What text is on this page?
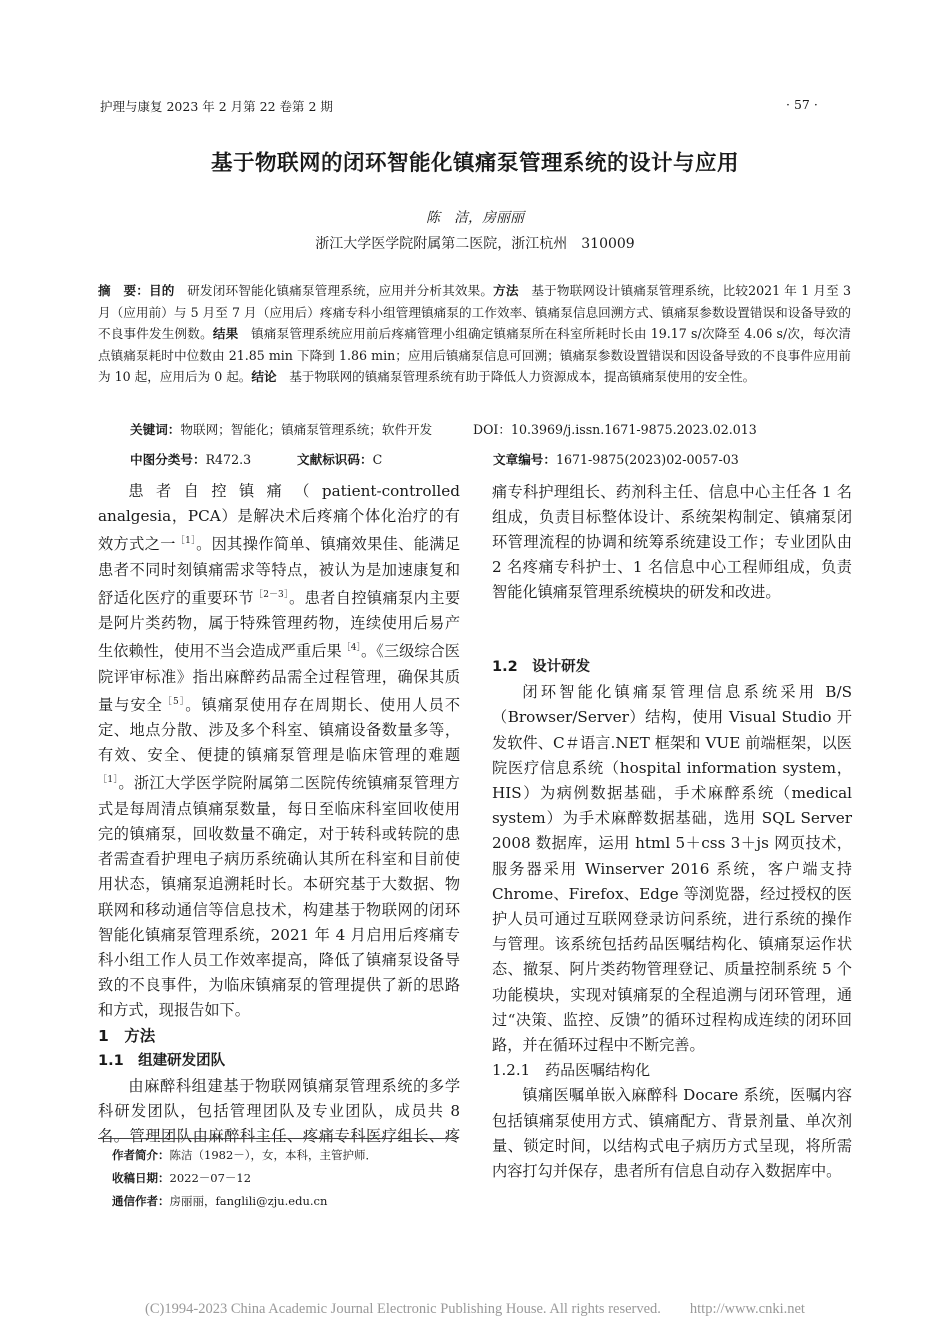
护理与康复 2023 年 2 月第 22 卷第 2 期	· 57 ·
基于物联网的闭环智能化镇痛泵管理系统的设计与应用
陈　洁，房丽丽
浙江大学医学院附属第二医院，浙江杭州　310009
摘　要：目的　研发闭环智能化镇痛泵管理系统，应用并分析其效果。方法　基于物联网设计镇痛泵管理系统，比较2021 年 1 月至 3 月（应用前）与 5 月至 7 月（应用后）疼痛专科小组管理镇痛泵的工作效率、镇痛泵信息回溯方式、镇痛泵参数设置错误和设备导致的不良事件发生例数。结果　镇痛泵管理系统应用前后疼痛管理小组确定镇痛泵所在科室所耗时长由 19.17 s/次降至 4.06 s/次，每次清点镇痛泵耗时中位数由 21.85 min 下降到 1.86 min；应用后镇痛泵信息可回溯；镇痛泵参数设置错误和因设备导致的不良事件应用前为 10 起，应用后为 0 起。结论　基于物联网的镇痛泵管理系统有助于降低人力资源成本，提高镇痛泵使用的安全性。
关键词：物联网；智能化；镇痛泵管理系统；软件开发	DOI：10.3969/j.issn.1671-9875.2023.02.013
中图分类号：R472.3	文献标识码：C	文章编号：1671-9875(2023)02-0057-03

患者自控镇痛（patient-controlled analgesia，PCA）是解决术后疼痛个体化治疗的有效方式之一$^{[1]}$。因其操作简单、镇痛效果佳、能满足患者不同时刻镇痛需求等特点，被认为是加速康复和舒适化医疗的重要环节$^{[2-3]}$。患者自控镇痛泵内主要是阿片类药物，属于特殊管理药物，连续使用后易产生依赖性，使用不当会造成严重后果$^{[4]}$。《三级综合医院评审标准》指出麻醉药品需全过程管理，确保其质量与安全$^{[5]}$。镇痛泵使用存在周期长、使用人员不定、地点分散、涉及多个科室、镇痛设备数量多等，有效、安全、便捷的镇痛泵管理是临床管理的难题$^{[1]}$。浙江大学医学院附属第二医院传统镇痛泵管理方式是每周清点镇痛泵数量，每日至临床科室回收使用完的镇痛泵，回收数量不确定，对于转科或转院的患者需查看护理电子病历系统确认其所在科室和目前使用状态，镇痛泵追溯耗时长。本研究基于大数据、物联网和移动通信等信息技术，构建基于物联网的闭环智能化镇痛泵管理系统，2021 年 4 月启用后疼痛专科小组工作人员工作效率提高，降低了镇痛泵设备导致的不良事件，为临床镇痛泵的管理提供了新的思路和方式，现报告如下。

1　方法

1.1　组建研发团队

由麻醉科组建基于物联网镇痛泵管理系统的多学科研发团队，包括管理团队及专业团队，成员共 8 名。管理团队由麻醉科主任、疼痛专科医疗组长、疼

痛专科护理组长、药剂科主任、信息中心主任各 1 名组成，负责目标整体设计、系统架构制定、镇痛泵闭环管理流程的协调和统筹系统建设工作；专业团队由 2 名疼痛专科护士、1 名信息中心工程师组成，负责智能化镇痛泵管理系统模块的研发和改进。

1.2　设计研发

闭环智能化镇痛泵管理信息系统采用 B/S（Browser/Server）结构，使用 Visual Studio 开发软件、C＃语言.NET 框架和 VUE 前端框架，以医院医疗信息系统（hospital information system，HIS）为病例数据基础，手术麻醉系统（medical system）为手术麻醉数据基础，选用 SQL Server 2008 数据库，运用 html 5＋css 3＋js 网页技术，服务器采用 Winserver 2016 系统，客户端支持 Chrome、Firefox、Edge 等浏览器，经过授权的医护人员可通过互联网登录访问系统，进行系统的操作与管理。该系统包括药品医嘱结构化、镇痛泵运作状态、撤泵、阿片类药物管理登记、质量控制系统 5 个功能模块，实现对镇痛泵的全程追溯与闭环管理，通过“决策、监控、反馈”的循环过程构成连续的闭环回路，并在循环过程中不断完善。

1.2.1　药品医嘱结构化

镇痛医嘱单嵌入麻醉科 Docare 系统，医嘱内容包括镇痛泵使用方式、镇痛配方、背景剂量、单次剂量、锁定时间，以结构式电子病历方式呈现，将所需内容打勾并保存，患者所有信息自动存入数据库中。

作者简介：陈洁（1982－），女，本科，主管护师．
收稿日期：2022－07－12
通信作者：房丽丽，fanglili@zju.edu.cn
(C)1994-2023 China Academic Journal Electronic Publishing House. All rights reserved.　　http://www.cnki.net
